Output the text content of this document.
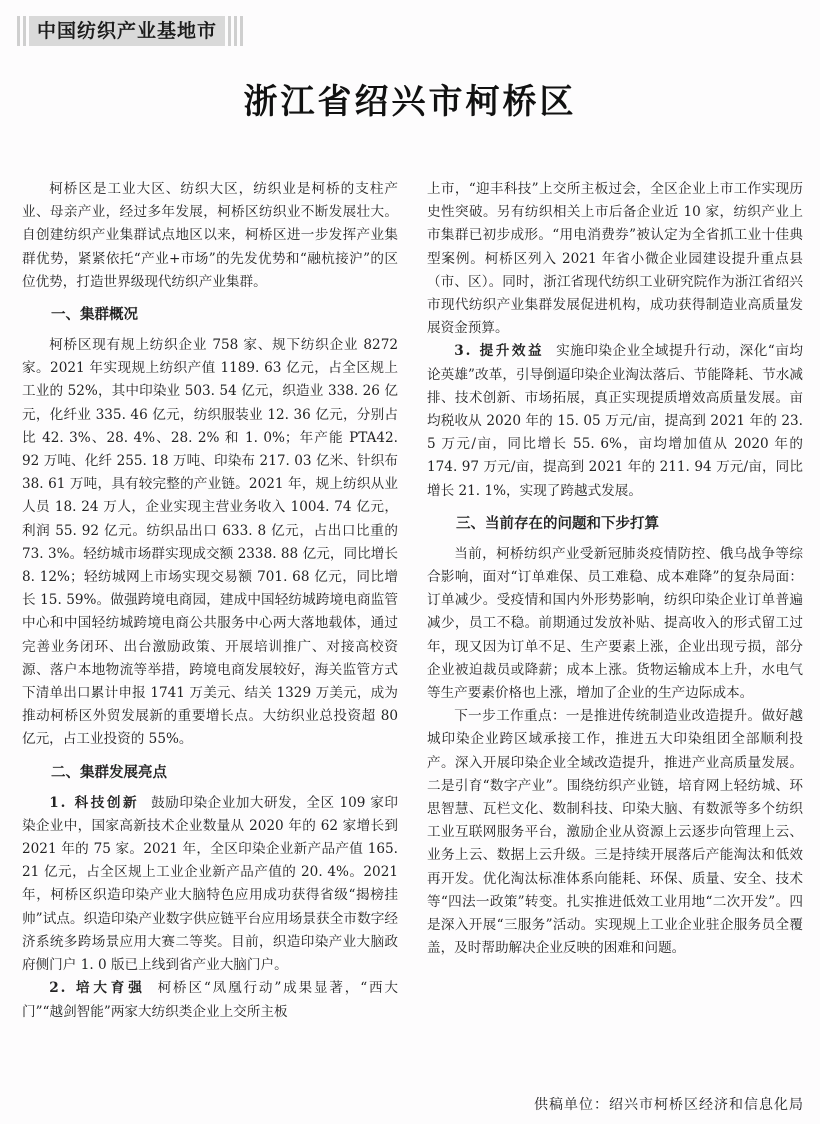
中国纺织产业基地市
浙江省绍兴市柯桥区

柯桥区是工业大区、纺织大区，纺织业是柯桥的支柱产业、母亲产业，经过多年发展，柯桥区纺织业不断发展壮大。自创建纺织产业集群试点地区以来，柯桥区进一步发挥产业集群优势，紧紧依托“产业+市场”的先发优势和“融杭接沪”的区位优势，打造世界级现代纺织产业集群。

一、集群概况

柯桥区现有规上纺织企业 758 家、规下纺织企业 8272 家。2021 年实现规上纺织产值 1189. 63 亿元，占全区规上工业的 52%，其中印染业 503. 54 亿元，织造业 338. 26 亿元，化纤业 335. 46 亿元，纺织服装业 12. 36 亿元，分别占比 42. 3%、28. 4%、28. 2% 和 1. 0%；年产能 PTA42. 92 万吨、化纤 255. 18 万吨、印染布 217. 03 亿米、针织布 38. 61 万吨，具有较完整的产业链。2021 年，规上纺织从业人员 18. 24 万人，企业实现主营业务收入 1004. 74 亿元，利润 55. 92 亿元。纺织品出口 633. 8 亿元，占出口比重的 73. 3%。轻纺城市场群实现成交额 2338. 88 亿元，同比增长 8. 12%；轻纺城网上市场实现交易额 701. 68 亿元，同比增长 15. 59%。做强跨境电商园，建成中国轻纺城跨境电商监管中心和中国轻纺城跨境电商公共服务中心两大落地载体，通过完善业务闭环、出台激励政策、开展培训推广、对接高校资源、落户本地物流等举措，跨境电商发展较好，海关监管方式下清单出口累计申报 1741 万美元、结关 1329 万美元，成为推动柯桥区外贸发展新的重要增长点。大纺织业总投资超 80 亿元，占工业投资的 55%。

二、集群发展亮点

1. 科技创新 鼓励印染企业加大研发，全区 109 家印染企业中，国家高新技术企业数量从 2020 年的 62 家增长到 2021 年的 75 家。2021 年，全区印染企业新产品产值 165. 21 亿元，占全区规上工业企业新产品产值的 20. 4%。2021 年，柯桥区织造印染产业大脑特色应用成功获得省级“揭榜挂帅”试点。织造印染产业数字供应链平台应用场景获全市数字经济系统多跨场景应用大赛二等奖。目前，织造印染产业大脑政府侧门户 1. 0 版已上线到省产业大脑门户。

2. 培大育强 柯桥区“凤凰行动”成果显著，“西大门”“越剑智能”两家大纺织类企业上交所主板

上市，“迎丰科技”上交所主板过会，全区企业上市工作实现历史性突破。另有纺织相关上市后备企业近 10 家，纺织产业上市集群已初步成形。“用电消费券”被认定为全省抓工业十佳典型案例。柯桥区列入 2021 年省小微企业园建设提升重点县（市、区）。同时，浙江省现代纺织工业研究院作为浙江省绍兴市现代纺织产业集群发展促进机构，成功获得制造业高质量发展资金预算。

3. 提升效益 实施印染企业全域提升行动，深化“亩均论英雄”改革，引导倒逼印染企业淘汰落后、节能降耗、节水减排、技术创新、市场拓展，真正实现提质增效高质量发展。亩均税收从 2020 年的 15. 05 万元/亩，提高到 2021 年的 23. 5 万元/亩，同比增长 55. 6%，亩均增加值从 2020 年的 174. 97 万元/亩，提高到 2021 年的 211. 94 万元/亩，同比增长 21. 1%，实现了跨越式发展。

三、当前存在的问题和下步打算

当前，柯桥纺织产业受新冠肺炎疫情防控、俄乌战争等综合影响，面对“订单难保、员工难稳、成本难降”的复杂局面：订单减少。受疫情和国内外形势影响，纺织印染企业订单普遍减少，员工不稳。前期通过发放补贴、提高收入的形式留工过年，现又因为订单不足、生产要素上涨，企业出现亏损，部分企业被迫裁员或降薪；成本上涨。货物运输成本上升，水电气等生产要素价格也上涨，增加了企业的生产边际成本。

下一步工作重点：一是推进传统制造业改造提升。做好越城印染企业跨区域承接工作，推进五大印染组团全部顺利投产。深入开展印染企业全域改造提升，推进产业高质量发展。二是引育“数字产业”。围绕纺织产业链，培育网上轻纺城、环思智慧、瓦栏文化、数制科技、印染大脑、有数派等多个纺织工业互联网服务平台，激励企业从资源上云逐步向管理上云、业务上云、数据上云升级。三是持续开展落后产能淘汰和低效再开发。优化淘汰标准体系向能耗、环保、质量、安全、技术等“四法一政策”转变。扎实推进低效工业用地“二次开发”。四是深入开展“三服务”活动。实现规上工业企业驻企服务员全覆盖，及时帮助解决企业反映的困难和问题。

供稿单位：绍兴市柯桥区经济和信息化局
